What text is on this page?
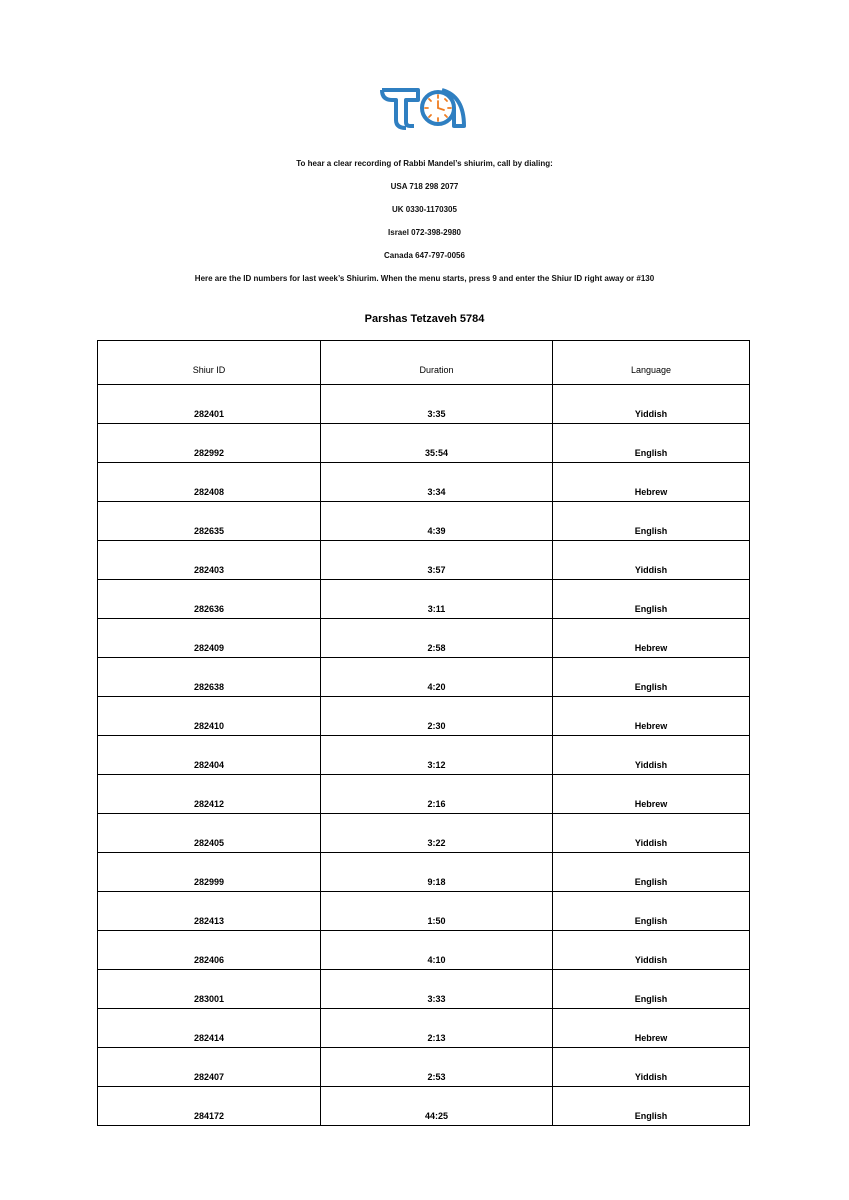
To hear a clear recording of Rabbi Mandel’s shiurim, call by dialing:
USA 718 298 2077
UK 0330-1170305
Israel 072-398-2980
Canada 647-797-0056
Here are the ID numbers for last week’s Shiurim. When the menu starts, press 9 and enter the Shiur ID right away or #130
Parshas Tetzaveh 5784
Shiur ID	Duration	Language
282401	3:35	Yiddish
282992	35:54	English
282408	3:34	Hebrew
282635	4:39	English
282403	3:57	Yiddish
282636	3:11	English
282409	2:58	Hebrew
282638	4:20	English
282410	2:30	Hebrew
282404	3:12	Yiddish
282412	2:16	Hebrew
282405	3:22	Yiddish
282999	9:18	English
282413	1:50	English
282406	4:10	Yiddish
283001	3:33	English
282414	2:13	Hebrew
282407	2:53	Yiddish
284172	44:25	English
